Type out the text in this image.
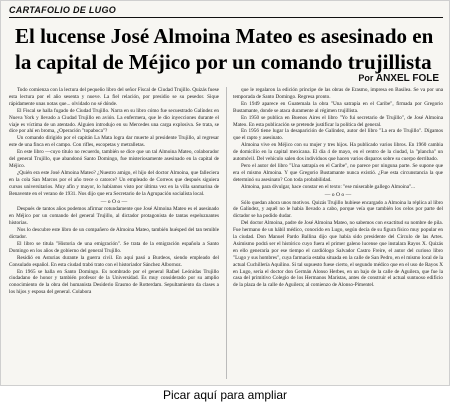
CARTAFOLIO DE LUGO
El lucense José Almoina Mateo es asesinado en
la capital de Méjico por un comando trujillista
Por ANXEL FOLE

Todo comienza con la lectura del pequeño libro del señor Fiscal de Ciudad Trujillo. Quizás fuese esta lectura por el año sesenta y nueve. La fiel relación, por presidio se su pesedor. Sique rápidamente unas notas que... olvidado no sé dónde.

El Fiscal se halla fugado de Ciudad Trujillo. Narra en su libro cómo fue secuestrado Galíndez en Nueva York y llevado a Ciudad Trujillo en avión. La enfermera, que le dio inyecciones durante el viaje es víctima de un atentado. Alguien introdujo en su Mercedes una carga explosiva. Se trata, se dice por ahí en broma, ¿Operación "topaboca"?

Un comando dirigido por el capitán La Mata logra dar muerte al presidente Trujillo, al regresar este de una finca en el campo. Con rifles, escopetas y metralletas.

En este libro —cuyo título no recuerdo, también se dice que un tal Almoina Mateo, colaborador del general Trujillo, que abandonó Santo Domingo, fue misteriosamente asesinado en la capital de Méjico.

¿Quién era este José Almoina Mateo? ¿Nuestro amigo, el hijo del doctor Almoina, que falleciera en la cola San Marcos por el año trece o catorce? Un empleado de Correos que después siguiera cursos universitarios. Muy afín y mayor, lo habíamos visto por última vez en la villa sanmarina de Benavente en el verano de 1931. Nos dijo que era Secretario de la Agrupación socialista local.

— o O o —

Después de tantos años podemos afirmar rotundamente que José Almoina Mateo es el asesinado en Méjico por un comando del general Trujillo, al dictador protagonista de tantas espeluznantes historias.

Nos lo descubre este libro de un compañero de Almoina Mateo, también huésped del tan temible dictador.

El libro se titula "Historia de una emigración". Se trata de la emigración española a Santo Domingo en los años de gobierno del general Trujillo.

Residió en Asturias durante la guerra civil. En aquí pasó a Burdeos, siendo empleado del Consulado español. En esta ciudad trabó trato con el historiador Sánchez Albornoz.

En 1965 se halla en Santo Domingo. Es nombrado por el general Rafael Leónidas Trujillo ciudadano de honor y también profesor de la Universidad. Es muy considerado por su amplio conocimiento de la obra del humanista Desiderio Erasmo de Rotterdam. Sepultamiento da clases a los hijos y esposa del general. Colabora

que le regalaron la edición príncipe de las obras de Erasmo, impresa en Basilea. Se va por una temporada de Santo Domingo. Regresa pronto.

En 1949 aparece en Guatemala la obra "Una satrapía en el Caribe", firmada por Gregorio Bustamante, donde se ataca duramente al régimen trujillista.

En 1950 se publica en Buenos Aires el libro "Yo fui secretario de Trujillo", de José Almoina Mateo. En esta publicación se pretende justificar la política del general.

En 1956 tiene lugar la desaparición de Galíndez, autor del libro "La era de Trujillo". Dígamos que el rapto y asesinato.

Almoina vive en Méjico con su mujer y tres hijos. Ha publicado varios libros. En 1960 cambia de domicilio en la capital mexicana. El día 4 de mayo, en el centro de la ciudad, la "plancha" un automóvil. Del vehículo salen dos individuos que hacen varios disparos sobre su cuerpo derribado.

Pero el autor del libro "Una satrapía en el Caribe", no parece por ninguna parte. Se supone que era el mismo Almoina. Y que Gregorio Bustamante nunca existió. ¿Fue esta circunstancia la que determinó su asesinato? Con toda probabilidad.

Almoina, para divulgar, hace constar en el texto: "ese miserable gallego Almoina"...

— o O o —

Sólo quedan ahora unos motivos. Quizás Trujillo hubiese encargado a Almoina la réplica al libro de Galíndez, y aquél no le había llevado a cabo, porque veía que también los celos por parte del dictador se ha podido dudar.

Del doctor Almoina, padre de José Almoina Mateo, no sabemos con exactitud su nombre de pila. Fue hermano de un hábil médico, conocido en Lugo, según decía de su figura físico muy popular en la ciudad. Don Manuel Pardo Ballina dijo que había sido presidente del Círculo de las Artes. Asimismo podrá ser el histórico cuyo fuera el primer galeno lucense que instalara Rayos X. Quizás en ello generaría por ese tiempo el cardiólogo Salvador Castro Freire, el autor del curioso libro "Lugo y sus hombres", cuya farmacia estaba situada en la calle de San Pedro, en el mismo local de la actual Cuchillería Aquilino. Si tal supuesto fuese cierto, el segundo médico que en el uso de Rayos X en Lugo, sería el doctor don Germán Alonso Herbes, en un bajo de la calle de Aguilera, que fue la casa del primitivo Colegio de los Hermanos Maristas, antes de construir el actual suntuoso edificio de la plaza de la calle de Aguilera; al comienzo de Alonso-Pimentel.

Picar aquí para ampliar
